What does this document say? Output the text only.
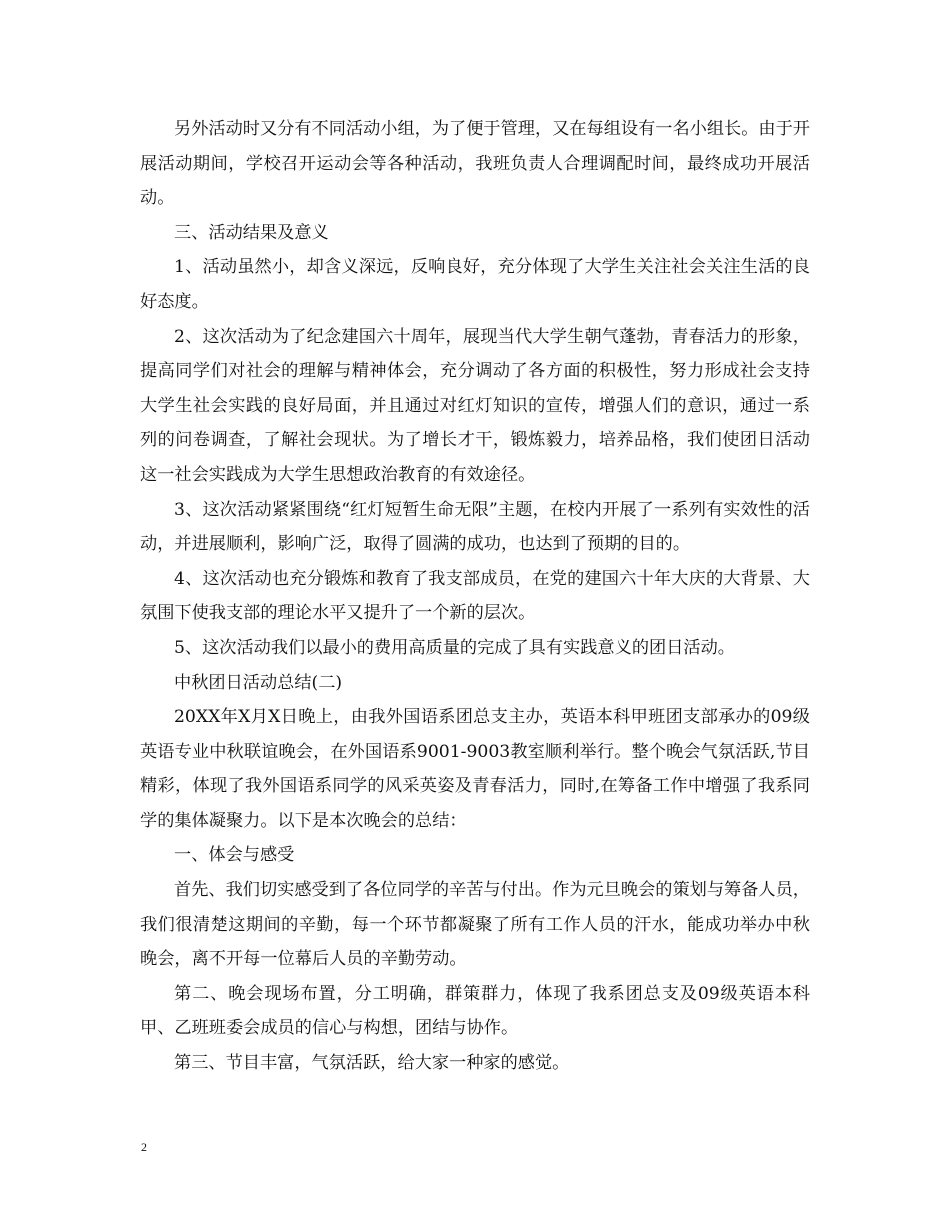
另外活动时又分有不同活动小组，为了便于管理，又在每组设有一名小组长。由于开展活动期间，学校召开运动会等各种活动，我班负责人合理调配时间，最终成功开展活动。

三、活动结果及意义

1、活动虽然小，却含义深远，反响良好，充分体现了大学生关注社会关注生活的良好态度。

2、这次活动为了纪念建国六十周年，展现当代大学生朝气蓬勃，青春活力的形象，提高同学们对社会的理解与精神体会，充分调动了各方面的积极性，努力形成社会支持大学生社会实践的良好局面，并且通过对红灯知识的宣传，增强人们的意识，通过一系列的问卷调查，了解社会现状。为了增长才干，锻炼毅力，培养品格，我们使团日活动这一社会实践成为大学生思想政治教育的有效途径。

3、这次活动紧紧围绕“红灯短暂生命无限”主题，在校内开展了一系列有实效性的活动，并进展顺利，影响广泛，取得了圆满的成功，也达到了预期的目的。

4、这次活动也充分锻炼和教育了我支部成员，在党的建国六十年大庆的大背景、大氛围下使我支部的理论水平又提升了一个新的层次。

5、这次活动我们以最小的费用高质量的完成了具有实践意义的团日活动。

中秋团日活动总结(二)

20XX年X月X日晚上，由我外国语系团总支主办，英语本科甲班团支部承办的09级英语专业中秋联谊晚会，在外国语系9001-9003教室顺利举行。整个晚会气氛活跃,节目精彩，体现了我外国语系同学的风采英姿及青春活力，同时,在筹备工作中增强了我系同学的集体凝聚力。以下是本次晚会的总结：

一、体会与感受

首先、我们切实感受到了各位同学的辛苦与付出。作为元旦晚会的策划与筹备人员，我们很清楚这期间的辛勤，每一个环节都凝聚了所有工作人员的汗水，能成功举办中秋晚会，离不开每一位幕后人员的辛勤劳动。

第二、晚会现场布置，分工明确，群策群力，体现了我系团总支及09级英语本科甲、乙班班委会成员的信心与构想，团结与协作。

第三、节目丰富，气氛活跃，给大家一种家的感觉。

2
